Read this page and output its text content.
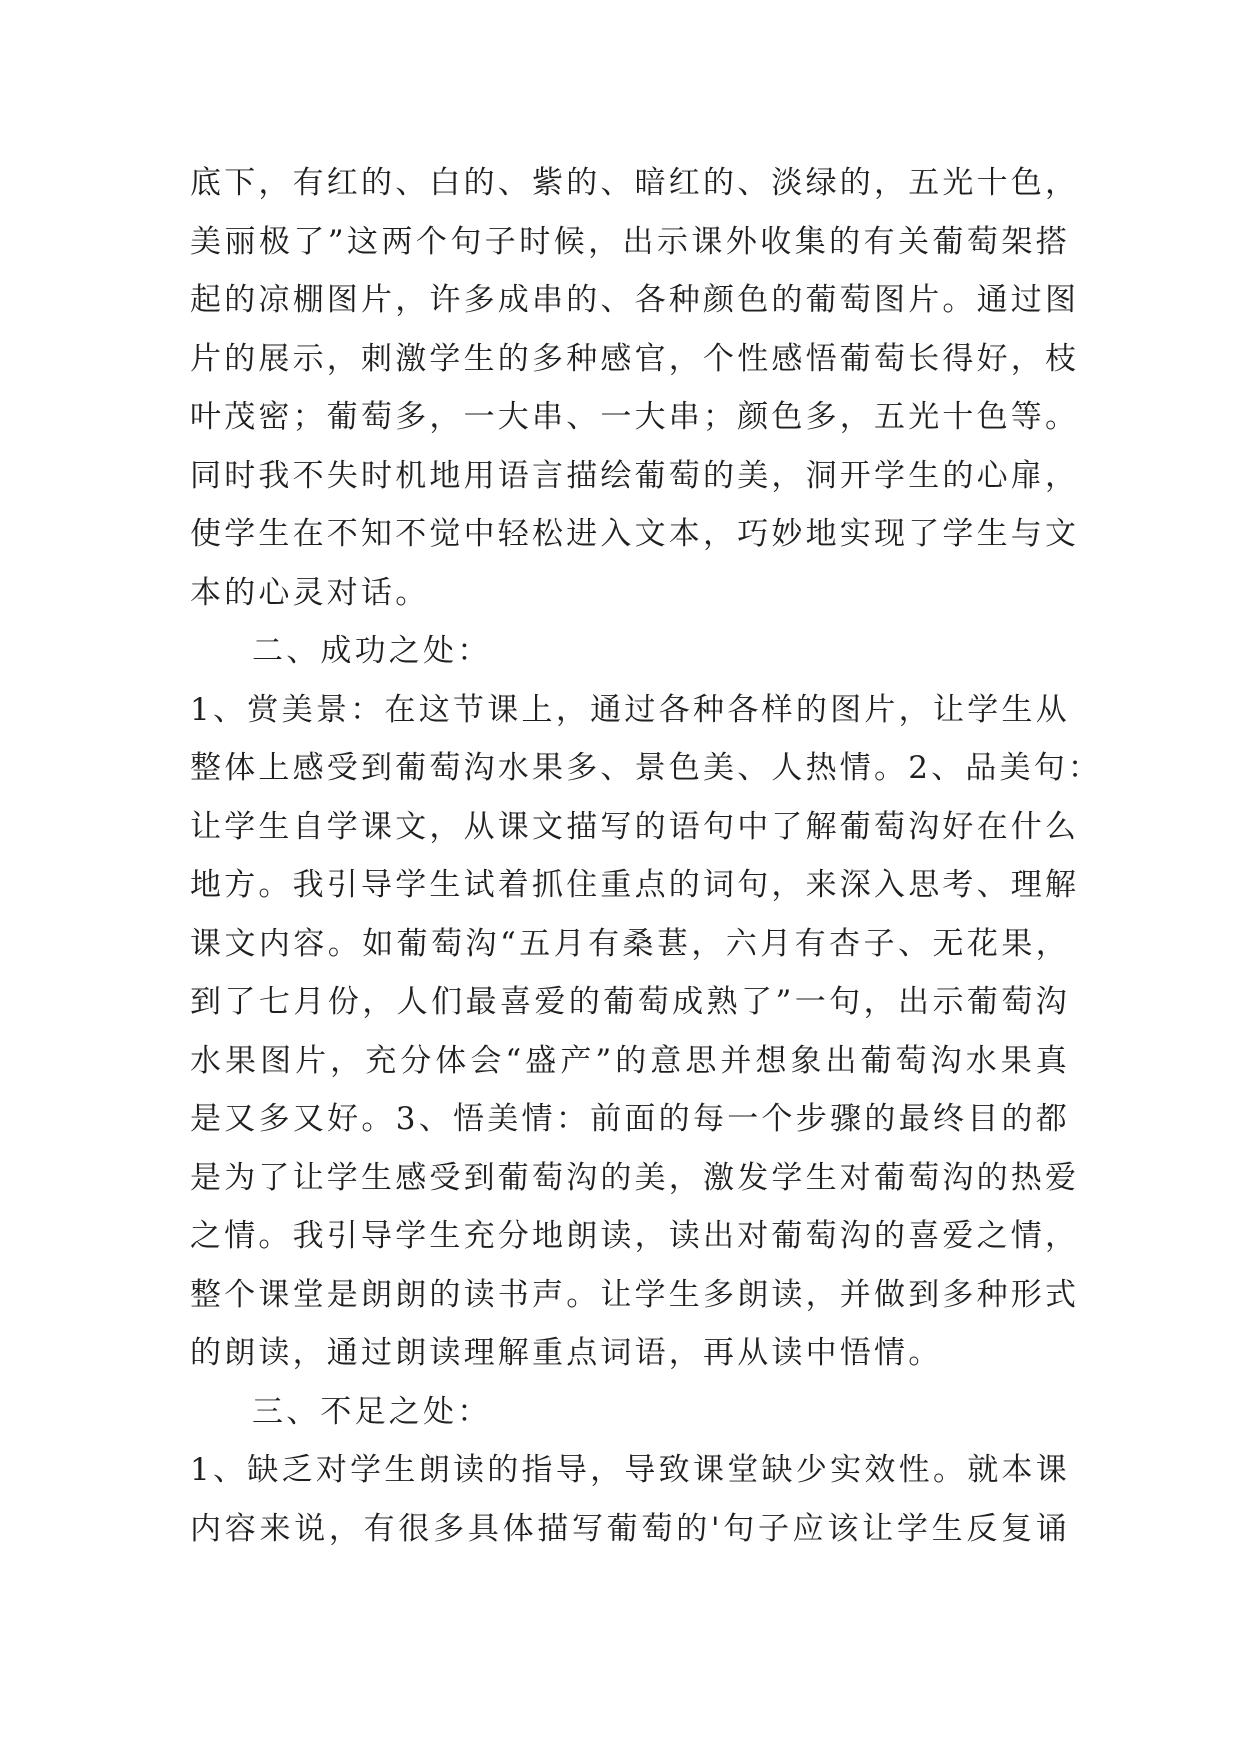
底下，有红的、白的、紫的、暗红的、淡绿的，五光十色，
美丽极了”这两个句子时候，出示课外收集的有关葡萄架搭
起的凉棚图片，许多成串的、各种颜色的葡萄图片。通过图
片的展示，刺激学生的多种感官，个性感悟葡萄长得好，枝
叶茂密；葡萄多，一大串、一大串；颜色多，五光十色等。
同时我不失时机地用语言描绘葡萄的美，洞开学生的心扉，
使学生在不知不觉中轻松进入文本，巧妙地实现了学生与文
本的心灵对话。
二、成功之处：
1、赏美景：在这节课上，通过各种各样的图片，让学生从
整体上感受到葡萄沟水果多、景色美、人热情。2、品美句：
让学生自学课文，从课文描写的语句中了解葡萄沟好在什么
地方。我引导学生试着抓住重点的词句，来深入思考、理解
课文内容。如葡萄沟“五月有桑葚，六月有杏子、无花果，
到了七月份，人们最喜爱的葡萄成熟了”一句，出示葡萄沟
水果图片，充分体会“盛产”的意思并想象出葡萄沟水果真
是又多又好。3、悟美情：前面的每一个步骤的最终目的都
是为了让学生感受到葡萄沟的美，激发学生对葡萄沟的热爱
之情。我引导学生充分地朗读，读出对葡萄沟的喜爱之情，
整个课堂是朗朗的读书声。让学生多朗读，并做到多种形式
的朗读，通过朗读理解重点词语，再从读中悟情。
三、不足之处：
1、缺乏对学生朗读的指导，导致课堂缺少实效性。就本课
内容来说，有很多具体描写葡萄的'句子应该让学生反复诵
